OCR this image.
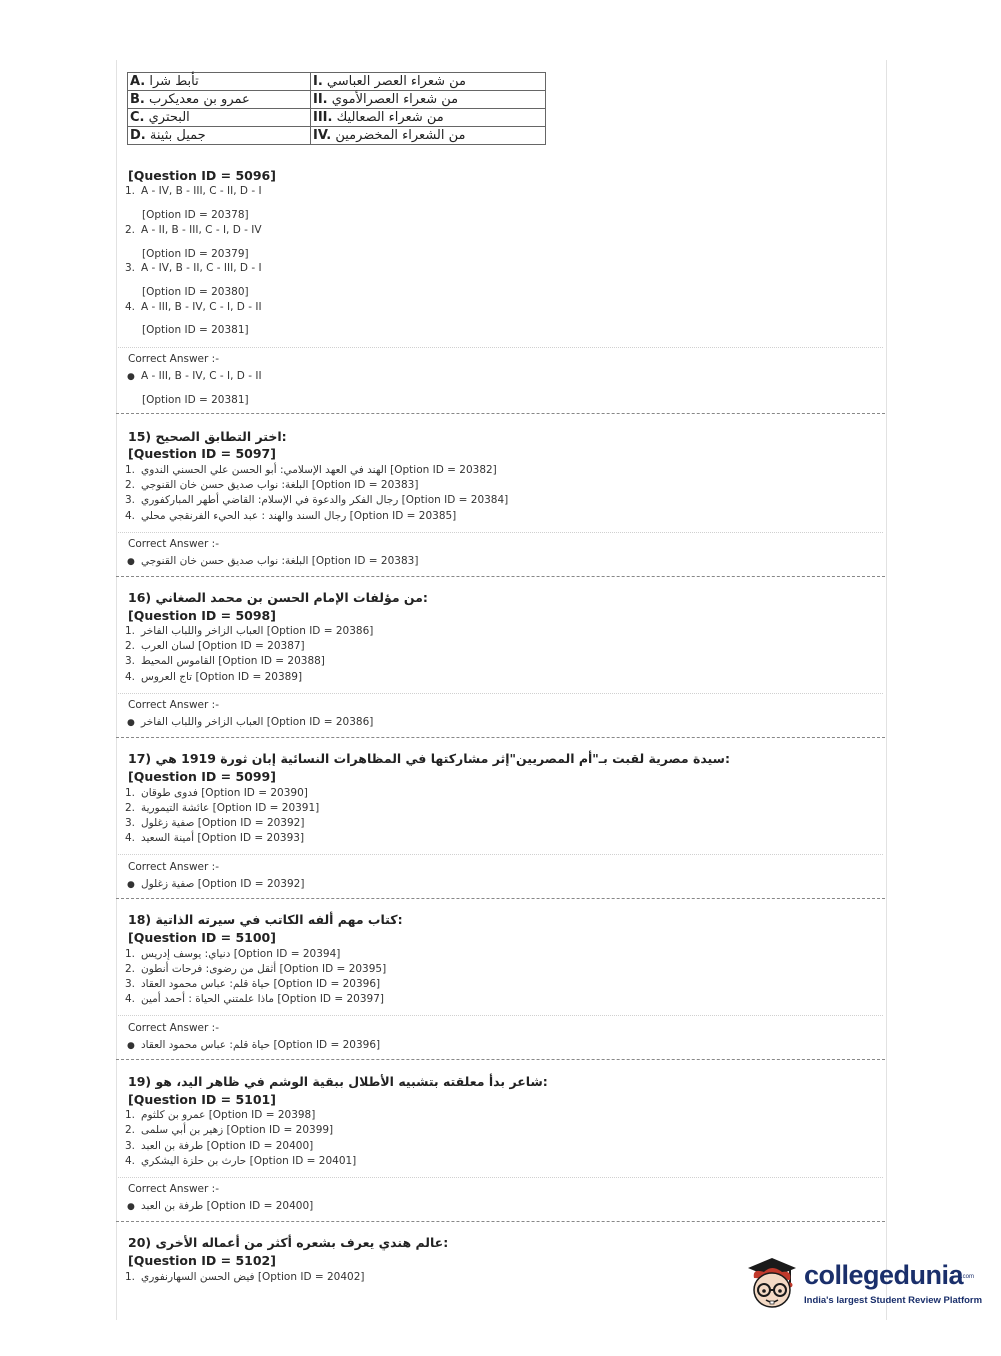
A. تأبط شرا	I. من شعراء العصر العباسي
B. عمرو بن معديكرب	II. من شعراء العصرالأموي
C. البحتري	III. من شعراء الصعاليك
D. جميل بثينة	IV. من الشعراء المخضرمين
[Question ID = 5096]
1. A - IV, B - III, C - II, D - I
[Option ID = 20378]
2. A - II, B - III, C - I, D - IV
[Option ID = 20379]
3. A - IV, B - II, C - III, D - I
[Option ID = 20380]
4. A - III, B - IV, C - I, D - II
[Option ID = 20381]
Correct Answer :-
● A - III, B - IV, C - I, D - II
[Option ID = 20381]
15) اختر التطابق الصحيح:
[Question ID = 5097]
1. الهند في العهد الإسلامي: أبو الحسن علي الحسني الندوي [Option ID = 20382]
2. البلغة: نواب صديق حسن خان القنوجي [Option ID = 20383]
3. رجال الفكر والدعوة في الإسلام: القاضي أطهر المباركفوري [Option ID = 20384]
4. رجال السند والهند : عبد الحيء الفرنقجي محلي [Option ID = 20385]
Correct Answer :-
● البلغة: نواب صديق حسن خان القنوجي [Option ID = 20383]
16) من مؤلفات الإمام الحسن بن محمد الصغاني:
[Question ID = 5098]
1. العباب الزاخر واللباب الفاخر [Option ID = 20386]
2. لسان العرب [Option ID = 20387]
3. القاموس المحيط [Option ID = 20388]
4. تاج العروس [Option ID = 20389]
Correct Answer :-
● العباب الزاخر واللباب الفاخر [Option ID = 20386]
17) سيدة مصرية لقبت بـ"أم المصريين"إثر مشاركتها في المظاهرات النسائية إبان ثورة 1919 هي:
[Question ID = 5099]
1. فدوى طوقان [Option ID = 20390]
2. عائشة التيمورية [Option ID = 20391]
3. صفية زغلول [Option ID = 20392]
4. أمينة السعيد [Option ID = 20393]
Correct Answer :-
● صفية زغلول [Option ID = 20392]
18) كتاب مهم ألفه الكاتب في سيرته الذاتية:
[Question ID = 5100]
1. دنياي: يوسف إدريس [Option ID = 20394]
2. أثقل من رضوى: فرحات أنطون [Option ID = 20395]
3. حياة قلم: عباس محمود العقاد [Option ID = 20396]
4. ماذا علمتني الحياة : أحمد أمين [Option ID = 20397]
Correct Answer :-
● حياة قلم: عباس محمود العقاد [Option ID = 20396]
19) شاعر بدأ معلقته بتشبيه الأطلال ببقية الوشم في ظاهر اليد، هو:
[Question ID = 5101]
1. عمرو بن كلثوم [Option ID = 20398]
2. زهير بن أبي سلمى [Option ID = 20399]
3. طرفة بن العبد [Option ID = 20400]
4. حارث بن حلزة اليشكري [Option ID = 20401]
Correct Answer :-
● طرفة بن العبد [Option ID = 20400]
20) عالم هندي يعرف بشعره أكثر من أعماله الأخرى:
[Question ID = 5102]
1. فيض الحسن السهارنفوري [Option ID = 20402]	collegedunia
.com
India's largest Student Review Platform
